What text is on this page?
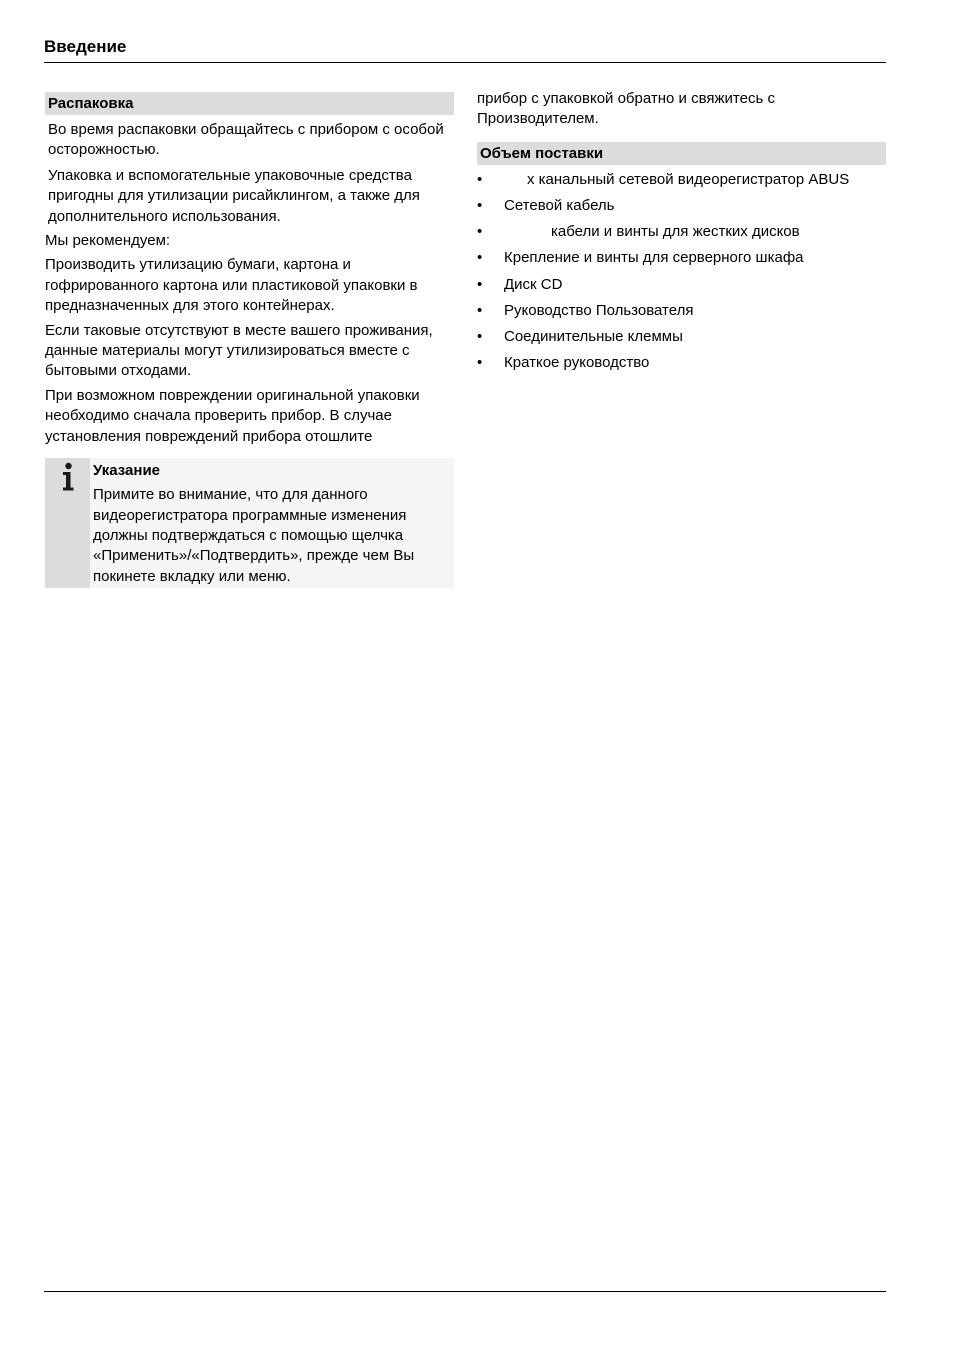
Введение
Распаковка

Во время распаковки обращайтесь с прибором с особой осторожностью.

Упаковка и вспомогательные упаковочные средства пригодны для утилизации рисайклингом, а также для дополнительного использования.

Мы рекомендуем:

Производить утилизацию бумаги, картона и гофрированного картона или пластиковой упаковки в предназначенных для этого контейнерах.

Если таковые отсутствуют в месте вашего проживания, данные материалы могут утилизироваться вместе с бытовыми отходами.

При возможном повреждении оригинальной упаковки необходимо сначала проверить прибор. В случае установления повреждений прибора отошлите

Указание

Примите во внимание, что для данного видеорегистратора программные изменения должны подтверждаться с помощью щелчка «Применить»/«Подтвердить», прежде чем Вы покинете вкладку или меню.

прибор с упаковкой обратно и свяжитесь с Производителем.

Объем поставки
•	х канальный сетевой видеорегистратор ABUS
•	Сетевой кабель
•	кабели и винты для жестких дисков
•	Крепление и винты для серверного шкафа
•	Диск CD
•	Руководство Пользователя
•	Соединительные клеммы
•	Краткое руководство
